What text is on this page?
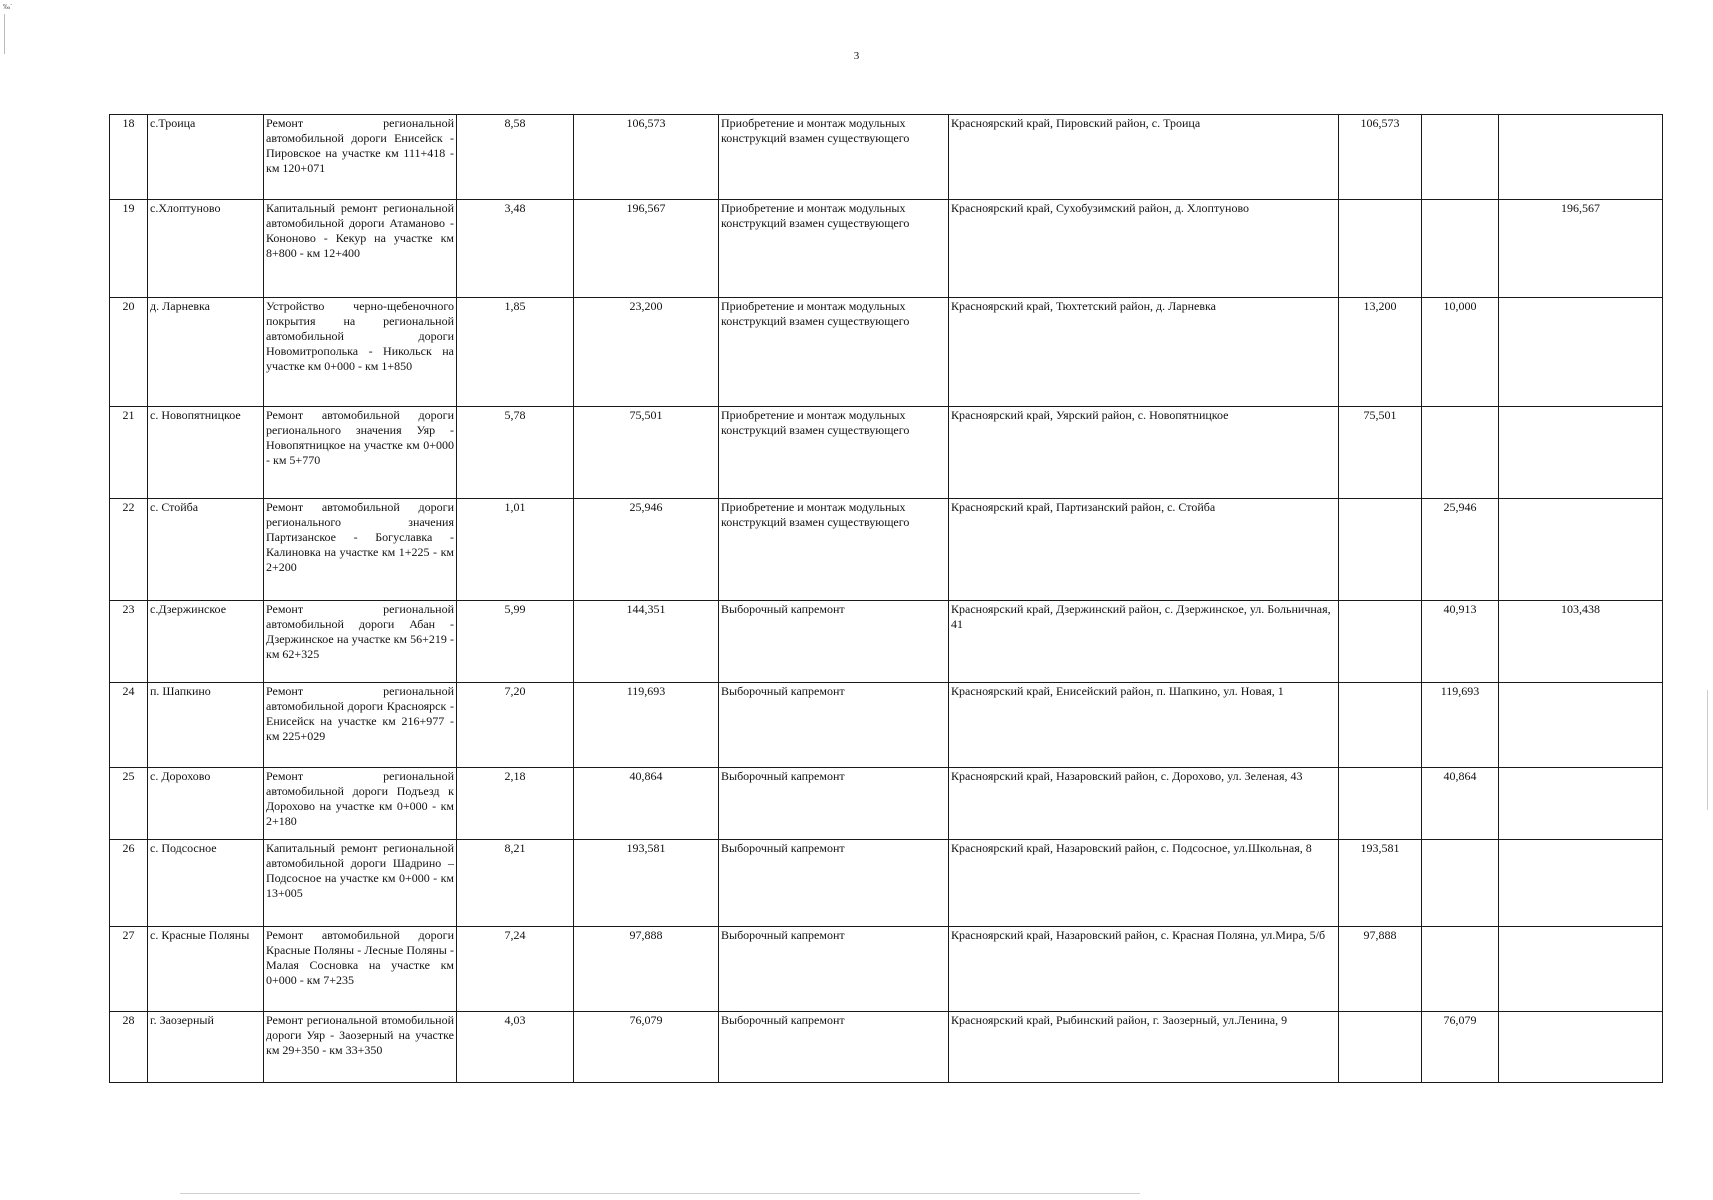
‰ˊ
3
18	с.Троица	Ремонт региональной автомобильной дороги Енисейск - Пировское на участке км 111+418 - км 120+071	8,58	106,573	Приобретение и монтаж модульных конструкций взамен существующего	Красноярский край, Пировский район, с. Троица	106,573		
19	с.Хлоптуново	Капитальный ремонт региональной автомобильной дороги Атаманово - Кононово - Кекур на участке км 8+800 - км 12+400	3,48	196,567	Приобретение и монтаж модульных конструкций взамен существующего	Красноярский край, Сухобузимский район, д. Хлоптуново			196,567
20	д. Ларневка	Устройство черно-щебеночного покрытия на региональной автомобильной дороги Новомитрополька - Никольск на участке км 0+000 - км 1+850	1,85	23,200	Приобретение и монтаж модульных конструкций взамен существующего	Красноярский край, Тюхтетский район, д. Ларневка	13,200	10,000	
21	с. Новопятницкое	Ремонт автомобильной дороги регионального значения Уяр - Новопятницкое на участке км 0+000 - км 5+770	5,78	75,501	Приобретение и монтаж модульных конструкций взамен существующего	Красноярский край, Уярский район, с. Новопятницкое	75,501		
22	с. Стойба	Ремонт автомобильной дороги регионального значения Партизанское - Богуславка - Калиновка на участке км 1+225 - км 2+200	1,01	25,946	Приобретение и монтаж модульных конструкций взамен существующего	Красноярский край, Партизанский район, с. Стойба		25,946	
23	с.Дзержинское	Ремонт региональной автомобильной дороги Абан - Дзержинское на участке км 56+219 - км 62+325	5,99	144,351	Выборочный капремонт	Красноярский край, Дзержинский район, с. Дзержинское, ул. Больничная, 41		40,913	103,438
24	п. Шапкино	Ремонт региональной автомобильной дороги Красноярск - Енисейск на участке км 216+977 - км 225+029	7,20	119,693	Выборочный капремонт	Красноярский край, Енисейский район, п. Шапкино, ул. Новая, 1		119,693	
25	с. Дорохово	Ремонт региональной автомобильной дороги Подъезд к Дорохово на участке км 0+000 - км 2+180	2,18	40,864	Выборочный капремонт	Красноярский край, Назаровский район, с. Дорохово, ул. Зеленая, 43		40,864	
26	с. Подсосное	Капитальный ремонт региональной автомобильной дороги Шадрино – Подсосное на участке км 0+000 - км 13+005	8,21	193,581	Выборочный капремонт	Красноярский край, Назаровский район, с. Подсосное, ул.Школьная, 8	193,581		
27	с. Красные Поляны	Ремонт автомобильной дороги Красные Поляны - Лесные Поляны - Малая Сосновка на участке км 0+000 - км 7+235	7,24	97,888	Выборочный капремонт	Красноярский край, Назаровский район, с. Красная Поляна, ул.Мира, 5/б	97,888		
28	г. Заозерный	Ремонт региональной втомобильной дороги Уяр - Заозерный на участке км 29+350 - км 33+350	4,03	76,079	Выборочный капремонт	Красноярский край, Рыбинский район, г. Заозерный, ул.Ленина, 9		76,079	
